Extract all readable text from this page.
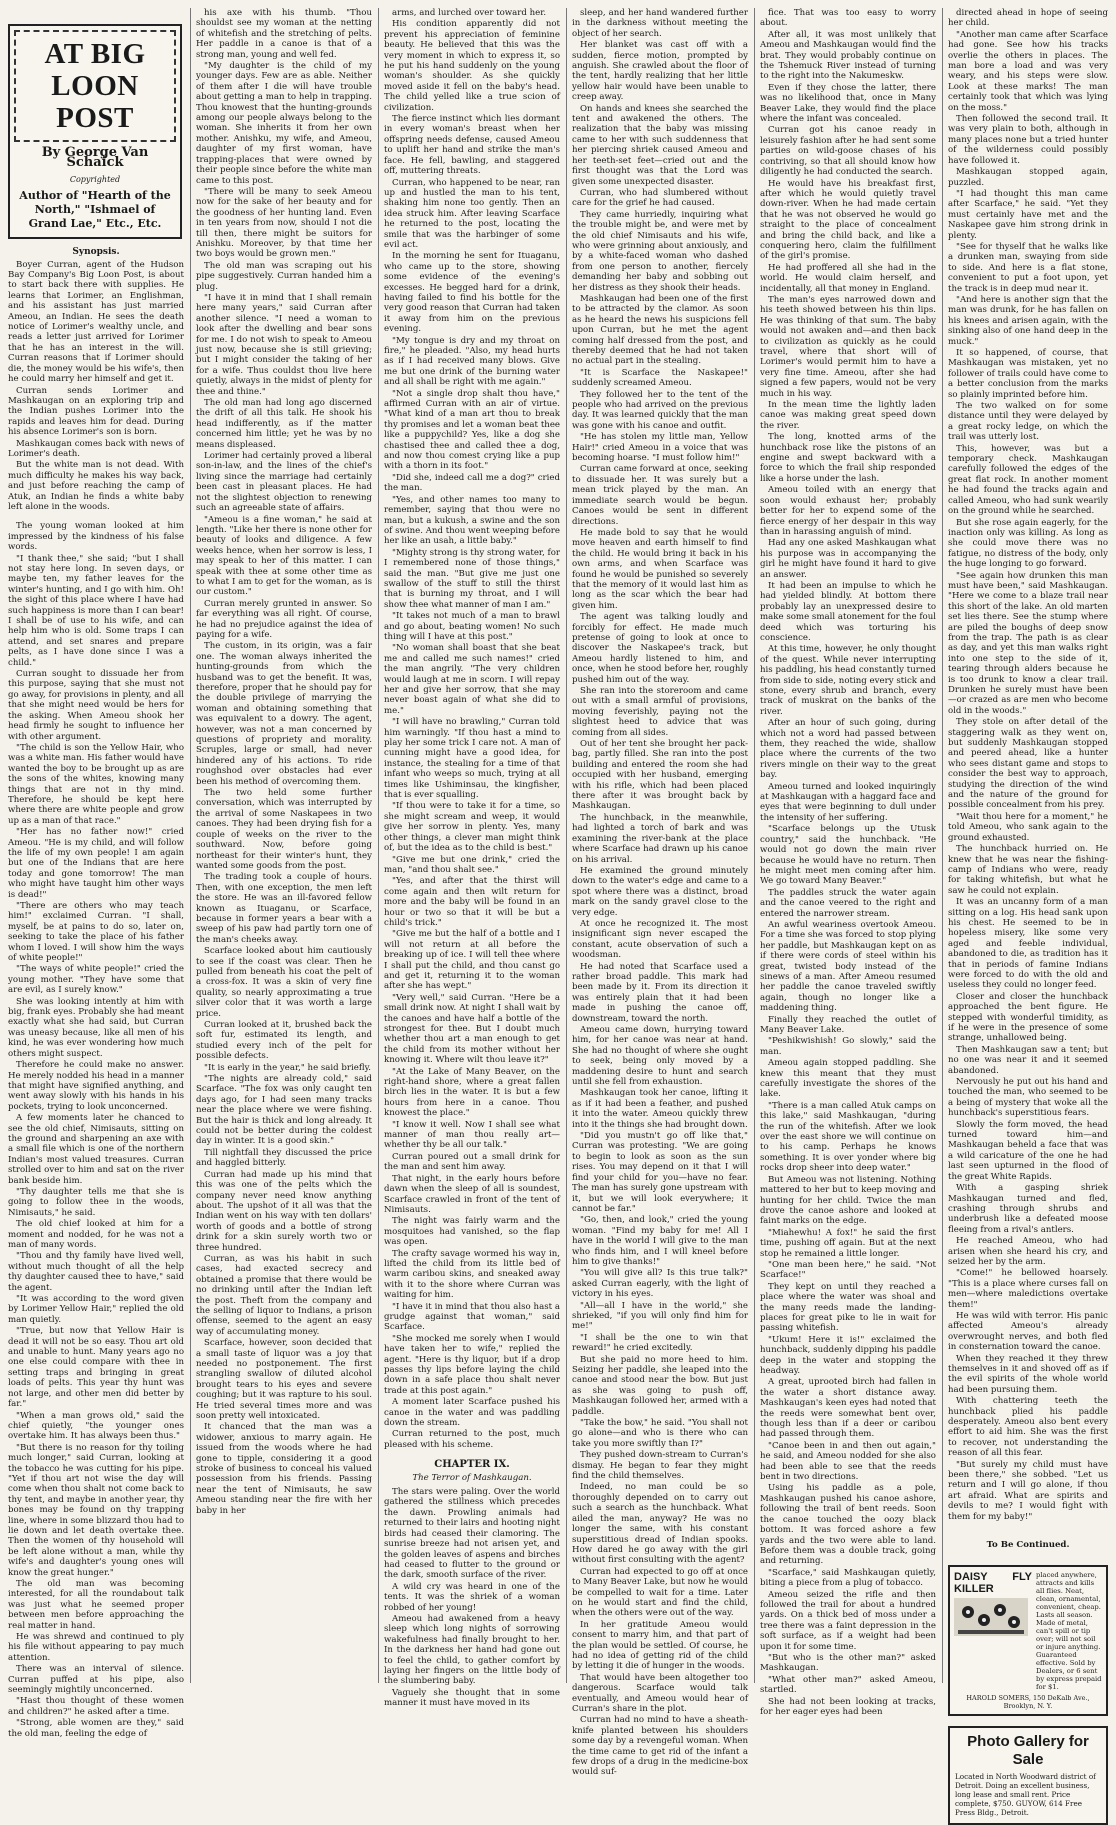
AT BIG LOON POST
By George Van Schaick
Copyrighted
Author of "Hearth of the North," "Ishmael of Grand Lae," Etc., Etc.
Synopsis.

Boyer Curran, agent of the Hudson Bay Company's Big Loon Post, is about to start back there with supplies. He learns that Lorimer, an Englishman, and his assistant has just married Ameou, an Indian. He sees the death notice of Lorimer's wealthy uncle, and reads a letter just arrived for Lorimer that he has an interest in the will. Curran reasons that if Lorimer should die, the money would be his wife's, then he could marry her himself and get it.

Curran sends Lorimer and Mashkaugan on an exploring trip and the Indian pushes Lorimer into the rapids and leaves him for dead. During his absence Lorimer's son is born.

Mashkaugan comes back with news of Lorimer's death.

But the white man is not dead. With much difficulty he makes his way back, and just before reaching the camp of Atuk, an Indian he finds a white baby left alone in the woods.

The young woman looked at him impressed by the kindness of his false words.

"I thank thee," she said; "but I shall not stay here long. In seven days, or maybe ten, my father leaves for the winter's hunting, and I go with him. Oh! the sight of this place where I have had such happiness is more than I can bear! I shall be of use to his wife, and can help him who is old. Some traps I can attend, and set snares and prepare pelts, as I have done since I was a child."

Curran sought to dissuade her from this purpose, saying that she must not go away, for provisions in plenty, and all that she might need would be hers for the asking. When Ameou shook her head firmly he sought to influence her with other argument.

"The child is son the Yellow Hair, who was a white man. His father would have wanted the boy to be brought up as are the sons of the whites, knowing many things that are not in thy mind. Therefore, he should be kept here where there are white people and grow up as a man of that race."

"Her has no father now!" cried Ameou. "He is my child, and will follow the life of my own people! I am again but one of the Indians that are here today and gone tomorrow! The man who might have taught him other ways is dead!"

"There are others who may teach him!" exclaimed Curran. "I shall, myself, be at pains to do so, later on, seeking to take the place of his father whom I loved. I will show him the ways of white people!"

"The ways of white people!" cried the young mother. "They have some that are evil, as I surely know."

She was looking intently at him with big, frank eyes. Probably she had meant exactly what she had said, but Curran was uneasy because, like all men of his kind, he was ever wondering how much others might suspect.

Therefore he could make no answer. He merely nodded his head in a manner that might have signified anything, and went away slowly with his hands in his pockets, trying to look unconcerned.

A few moments later he chanced to see the old chief, Nimisauts, sitting on the ground and sharpening an axe with a small file which is one of the northern Indian's most valued treasures. Curran strolled over to him and sat on the river bank beside him.

"Thy daughter tells me that she is going to follow thee in the woods, Nimisauts," he said.

The old chief looked at him for a moment and nodded, for he was not a man of many words.

"Thou and thy family have lived well, without much thought of all the help thy daughter caused thee to have," said the agent.

"It was according to the word given by Lorimer Yellow Hair," replied the old man quietly.

"True, but now that Yellow Hair is dead it will not be so easy. Thou art old and unable to hunt. Many years ago no one else could compare with thee in setting traps and bringing in great loads of pelts. This year thy hunt was not large, and other men did better by far."

"When a man grows old," said the chief quietly, "the younger ones overtake him. It has always been thus."

"But there is no reason for thy toiling much longer," said Curran, looking at the tobacco he was cutting for his pipe. "Yet if thou art not wise the day will come when thou shalt not come back to thy tent, and maybe in another year, thy bones may be found on thy trapping line, where in some blizzard thou had to lie down and let death overtake thee. Then the women of thy household will be left alone without a man, while thy wife's and daughter's young ones will know the great hunger."

The old man was becoming interested, for all the roundabout talk was just what he seemed proper between men before approaching the real matter in hand.

He was shrewd and continued to ply his file without appearing to pay much attention.

There was an interval of silence. Curran puffed at his pipe, also seemingly mightily unconcerned.

"Hast thou thought of these women and children?" he asked after a time.

"Strong, able women are they," said the old man, feeling the edge of

his axe with his thumb. "Thou shouldst see my woman at the netting of whitefish and the stretching of pelts. Her paddle in a canoe is that of a strong man, young and well fed.

"My daughter is the child of my younger days. Few are as able. Neither of them after I die will have trouble about getting a man to help in trapping. Thou knowest that the hunting-grounds among our people always belong to the woman. She inherits it from her own mother. Anishku, my wife, and Ameou, daughter of my first woman, have trapping-places that were owned by their people since before the white man came to this post.

"There will be many to seek Ameou now for the sake of her beauty and for the goodness of her hunting land. Even in ten years from now, should I not die till then, there might be suitors for Anishku. Moreover, by that time her two boys would be grown men."

The old man was scraping out his pipe suggestively. Curran handed him a plug.

"I have it in mind that I shall remain here many years," said Curran after another silence. "I need a woman to look after the dwelling and bear sons for me. I do not wish to speak to Ameou just now, because she is still grieving; but I might consider the taking of her for a wife. Thus couldst thou live here quietly, always in the midst of plenty for thee and thine."

The old man had long ago discerned the drift of all this talk. He shook his head indifferently, as if the matter concerned him little; yet he was by no means displeased.

Lorimer had certainly proved a liberal son-in-law, and the lines of the chief's living since the marriage had certainly been cast in pleasant places. He had not the slightest objection to renewing such an agreeable state of affairs.

"Ameou is a fine woman," he said at length. "Like her there is none other for beauty of looks and diligence. A few weeks hence, when her sorrow is less, I may speak to her of this matter. I can speak with thee at some other time as to what I am to get for the woman, as is our custom."

Curran merely grunted in answer. So far everything was all right. Of course, he had no prejudice against the idea of paying for a wife.

The custom, in its origin, was a fair one. The woman always inherited the hunting-grounds from which the husband was to get the benefit. It was, therefore, proper that he should pay for the double privilege of marrying the woman and obtaining something that was equivalent to a dowry. The agent, however, was not a man concerned by questions of propriety and morality. Scruples, large or small, had never hindered any of his actions. To ride roughshod over obstacles had ever been his method of overcoming them.

The two held some further conversation, which was interrupted by the arrival of some Naskapees in two canoes. They had been drying fish for a couple of weeks on the river to the southward. Now, before going northeast for their winter's hunt, they wanted some goods from the post.

The trading took a couple of hours. Then, with one exception, the men left the store. He was an ill-favored fellow known as Ituaganu, or Scarface, because in former years a bear with a sweep of his paw had partly torn one of the man's cheeks away.

Scarface looked about him cautiously to see if the coast was clear. Then he pulled from beneath his coat the pelt of a cross-fox. It was a skin of very fine quality, so nearly approximating a true silver color that it was worth a large price.

Curran looked at it, brushed back the soft fur, estimated its length, and studied every inch of the pelt for possible defects.

"It is early in the year," he said briefly.

"The nights are already cold," said Scarface. "The fox was only caught ten days ago, for I had seen many tracks near the place where we were fishing. But the hair is thick and long already. It could not be better during the coldest day in winter. It is a good skin."

Till nightfall they discussed the price and haggled bitterly.

Curran had made up his mind that this was one of the pelts which the company never need know anything about. The upshot of it all was that the Indian went on his way with ten dollars' worth of goods and a bottle of strong drink for a skin surely worth two or three hundred.

Curran, as was his habit in such cases, had exacted secrecy and obtained a promise that there would be no drinking until after the Indian left the post. Theft from the company and the selling of liquor to Indians, a prison offense, seemed to the agent an easy way of accumulating money.

Scarface, however, soon decided that a small taste of liquor was a joy that needed no postponement. The first strangling swallow of diluted alcohol brought tears to his eyes and severe coughing; but it was rapture to his soul. He tried several times more and was soon pretty well intoxicated.

It chanced that the man was a widower, anxious to marry again. He issued from the woods where he had gone to tipple, considering it a good stroke of business to conceal his valued possession from his friends. Passing near the tent of Nimisauts, he saw Ameou standing near the fire with her baby in her

arms, and lurched over toward her.

His condition apparently did not prevent his appreciation of feminine beauty. He believed that this was the very moment in which to express it, so he put his hand suddenly on the young woman's shoulder. As she quickly moved aside it fell on the baby's head. The child yelled like a true scion of civilization.

The fierce instinct which lies dormant in every woman's breast when her offspring needs defense, caused Ameou to uplift her hand and strike the man's face. He fell, bawling, and staggered off, muttering threats.

Curran, who happened to be near, ran up and hustled the man to his tent, shaking him none too gently. Then an idea struck him. After leaving Scarface he returned to the post, locating the smile that was the harbinger of some evil act.

In the morning he sent for Ituaganu, who came up to the store, showing some evidence of the evening's excesses. He begged hard for a drink, having failed to find his bottle for the very good reason that Curran had taken it away from him on the previous evening.

"My tongue is dry and my throat on fire," he pleaded. "Also, my head hurts as if I had received many blows. Give me but one drink of the burning water and all shall be right with me again."

"Not a single drop shalt thou have," affirmed Curran with an air of virtue. "What kind of a man art thou to break thy promises and let a woman beat thee like a puppychild? Yes, like a dog she chastised thee and called thee a dog, and now thou comest crying like a pup with a thorn in its foot."

"Did she, indeed call me a dog?" cried the man.

"Yes, and other names too many to remember, saying that thou were no man, but a kukush, a swine and the son of swine. And thou went weeping before her like an usah, a little baby."

"Mighty strong is thy strong water, for I remembered none of those things," said the man. "But give me just one swallow of the stuff to still the thirst that is burning my throat, and I will show thee what manner of man I am."

"It takes not much of a man to brawl and go about, beating women! No such thing will I have at this post."

"No woman shall boast that she beat me and called me such names!" cried the man angrily. "The very children would laugh at me in scorn. I will repay her and give her sorrow, that she may never boast again of what she did to me."

"I will have no brawling," Curran told him warningly. "If thou hast a mind to play her some trick I care not. A man of cunning might have a good idea, for instance, the stealing for a time of that infant who weeps so much, trying at all times like Ushiminsau, the kingfisher, that is ever squalling.

"If thou were to take it for a time, so she might scream and weep, it would give her sorrow in plenty. Yes, many other things, a clever man might think of, but the idea as to the child is best."

"Give me but one drink," cried the man, "and thou shalt see."

"Yes, and after that the thirst will come again and then wilt return for more and the baby will be found in an hour or two so that it will be but a child's trick."

"Give me but the half of a bottle and I will not return at all before the breaking up of ice. I will tell thee where I shall put the child, and thou canst go and get it, returning it to the woman after she has wept."

"Very well," said Curran. "Here be a small drink now. At night I shall wait by the canoes and have half a bottle of the strongest for thee. But I doubt much whether thou art a man enough to get the child from its mother without her knowing it. Where wilt thou leave it?"

"At the Lake of Many Beaver, on the right-hand shore, where a great fallen birch lies in the water. It is but a few hours from here in a canoe. Thou knowest the place."

"I know it well. Now I shall see what manner of man thou really art—whether thy be all our talk."

Curran poured out a small drink for the man and sent him away.

That night, in the early hours before dawn when the sleep of all is soundest, Scarface crawled in front of the tent of Nimisauts.

The night was fairly warm and the mosquitoes had vanished, so the flap was open.

The crafty savage wormed his way in, lifted the child from its little bed of warm caribou skins, and sneaked away with it to the shore where Curran was waiting for him.

"I have it in mind that thou also hast a grudge against that woman," said Scarface.

"She mocked me sorely when I would have taken her to wife," replied the agent. "Here is thy liquor, but if a drop passes thy lips before laying the child down in a safe place thou shalt never trade at this post again."

A moment later Scarface pushed his canoe in the water and was paddling down the stream.

Curran returned to the post, much pleased with his scheme.

CHAPTER IX.

The Terror of Mashkaugan.

The stars were paling. Over the world gathered the stillness which precedes the dawn. Prowling animals had returned to their lairs and hooting night birds had ceased their clamoring. The sunrise breeze had not arisen yet, and the golden leaves of aspens and birches had ceased to flutter to the ground or the dark, smooth surface of the river.

A wild cry was heard in one of the tents. It was the shriek of a woman robbed of her young!

Ameou had awakened from a heavy sleep which long nights of sorrowing wakefulness had finally brought to her. In the darkness her hand had gone out to feel the child, to gather comfort by laying her fingers on the little body of the slumbering baby.

Vaguely she thought that in some manner it must have moved in its

sleep, and her hand wandered further in the darkness without meeting the object of her search.

Her blanket was cast off with a sudden, fierce motion, prompted by anguish. She crawled about the floor of the tent, hardly realizing that her little yellow hair would have been unable to creep away.

On hands and knees she searched the tent and awakened the others. The realization that the baby was missing came to her with such suddenness that her piercing shriek caused Ameou and her teeth-set feet—cried out and the first thought was that the Lord was given some unexpected disaster.

Curran, who had slumbered without care for the grief he had caused.

They came hurriedly, inquiring what the trouble might be, and were met by the old chief Nimisauts and his wife, who were grinning about anxiously, and by a white-faced woman who dashed from one person to another, fiercely demanding her baby and sobbing out her distress as they shook their heads.

Mashkaugan had been one of the first to be attracted by the clamor. As soon as he heard the news his suspicions fell upon Curran, but he met the agent coming half dressed from the post, and thereby deemed that he had not taken no actual part in the stealing.

"It is Scarface the Naskapee!" suddenly screamed Ameou.

They followed her to the tent of the people who had arrived on the previous day. It was learned quickly that the man was gone with his canoe and outfit.

"He has stolen my little man, Yellow Hair!" cried Ameou in a voice that was becoming hoarse. "I must follow him!"

Curran came forward at once, seeking to dissuade her. It was surely but a mean trick played by the man. An immediate search would be begun. Canoes would be sent in different directions.

He made bold to say that he would move heaven and earth himself to find the child. He would bring it back in his own arms, and when Scarface was found he would be punished so severely that the memory of it would last him as long as the scar which the bear had given him.

The agent was talking loudly and forcibly for effect. He made much pretense of going to look at once to discover the Naskapee's track, but Ameou hardly listened to him, and once, when he stood before her, roughly pushed him out of the way.

She ran into the storeroom and came out with a small armful of provisions, moving feverishly, paying not the slightest heed to advice that was coming from all sides.

Out of her tent she brought her pack-bag, partly filled. She ran into the post building and entered the room she had occupied with her husband, emerging with his rifle, which had been placed there after it was brought back by Mashkaugan.

The hunchback, in the meanwhile, had lighted a torch of bark and was examining the river-bank at the place where Scarface had drawn up his canoe on his arrival.

He examined the ground minutely down to the water's edge and came to a spot where there was a distinct, broad mark on the sandy gravel close to the very edge.

At once he recognized it. The most insignificant sign never escaped the constant, acute observation of such a woodsman.

He had noted that Scarface used a rather broad paddle. This mark had been made by it. From its direction it was entirely plain that it had been made in pushing the canoe off, downstream, toward the north.

Ameou came down, hurrying toward him, for her canoe was near at hand. She had no thought of where she ought to seek, being only moved by a maddening desire to hunt and search until she fell from exhaustion.

Mashkaugan took her canoe, lifting it as if it had been a feather, and pushed it into the water. Ameou quickly threw into it the things she had brought down.

"Did you mustn't go off like that," Curran was protesting. "We are going to begin to look as soon as the sun rises. You may depend on it that I will find your child for you—have no fear. The man has surely gone upstream with it, but we will look everywhere; it cannot be far."

"Go, then, and look," cried the young woman. "Find my baby for me! All I have in the world I will give to the man who finds him, and I will kneel before him to give thanks!"

"You will give all? Is this true talk?" asked Curran eagerly, with the light of victory in his eyes.

"All—all I have in the world," she shrieked, "if you will only find him for me!"

"I shall be the one to win that reward!" he cried excitedly.

But she paid no more heed to him. Seizing her paddle, she leaped into the canoe and stood near the bow. But just as she was going to push off, Mashkaugan followed her, armed with a paddle.

"Take the bow," he said. "You shall not go alone—and who is there who can take you more swiftly than I?"

They pushed down-stream to Curran's dismay. He began to fear they might find the child themselves.

Indeed, no man could be so thoroughly depended on to carry out such a search as the hunchback. What ailed the man, anyway? He was no longer the same, with his constant superstitious dread of Indian spooks. How dared he go away with the girl without first consulting with the agent?

Curran had expected to go off at once to Many Beaver Lake, but now he would be compelled to wait for a time. Later on he would start and find the child, when the others were out of the way.

In her gratitude Ameou would consent to marry him, and that part of the plan would be settled. Of course, he had no idea of getting rid of the child by letting it die of hunger in the woods.

That would have been altogether too dangerous. Scarface would talk eventually, and Ameou would hear of Curran's share in the plot.

Curran had no mind to have a sheath-knife planted between his shoulders some day by a revengeful woman. When the time came to get rid of the infant a few drops of a drug in the medicine-box would suf-

fice. That was too easy to worry about.

After all, it was most unlikely that Ameou and Mashkaugan would find the brat. They would probably continue on the Tshemuck River instead of turning to the right into the Nakumeskw.

Even if they chose the latter, there was no likelihood that, once in Many Beaver Lake, they would find the place where the infant was concealed.

Curran got his canoe ready in leisurely fashion after he had sent some parties on wild-goose chases of his contriving, so that all should know how diligently he had conducted the search.

He would have his breakfast first, after which he would quietly travel down-river. When he had made certain that he was not observed he would go straight to the place of concealment and bring the child back, and like a conquering hero, claim the fulfillment of the girl's promise.

He had proffered all she had in the world. He would claim herself, and incidentally, all that money in England.

The man's eyes narrowed down and his teeth showed between his thin lips. He was thinking of that sum. The baby would not awaken and—and then back to civilization as quickly as he could travel, where that short will of Lorimer's would permit him to have a very fine time. Ameou, after she had signed a few papers, would not be very much in his way.

In the mean time the lightly laden canoe was making great speed down the river.

The long, knotted arms of the hunchback rose like the pistons of an engine and swept backward with a force to which the frail ship responded like a horse under the lash.

Ameou toiled with an energy that soon would exhaust her; probably better for her to expend some of the fierce energy of her despair in this way than in harassing anguish of mind.

Had any one asked Mashkaugan what his purpose was in accompanying the girl he might have found it hard to give an answer.

It had been an impulse to which he had yielded blindly. At bottom there probably lay an unexpressed desire to make some small atonement for the foul deed which was torturing his conscience.

At this time, however, he only thought of the quest. While never interrupting his paddling, his head constantly turned from side to side, noting every stick and stone, every shrub and branch, every track of muskrat on the banks of the river.

After an hour of such going, during which not a word had passed between them, they reached the wide, shallow place where the currents of the two rivers mingle on their way to the great bay.

Ameou turned and looked inquiringly at Mashkaugan with a haggard face and eyes that were beginning to dull under the intensity of her suffering.

"Scarface belongs up the Utusk country," said the hunchback. "He would not go down the main river because he would have no return. Then he might meet men coming after him. We go toward Many Beaver."

The paddles struck the water again and the canoe veered to the right and entered the narrower stream.

An awful weariness overtook Ameou. For a time she was forced to stop plying her paddle, but Mashkaugan kept on as if there were cords of steel within his great, twisted body instead of the sinews of a man. After Ameou resumed her paddle the canoe traveled swiftly again, though no longer like a maddening thing.

Finally they reached the outlet of Many Beaver Lake.

"Peshikwishish! Go slowly," said the man.

Ameou again stopped paddling. She knew this meant that they must carefully investigate the shores of the lake.

"There is a man called Atuk camps on this lake," said Mashkaugan, "during the run of the whitefish. After we look over the east shore we will continue on to his camp. Perhaps he knows something. It is over yonder where big rocks drop sheer into deep water."

But Ameou was not listening. Nothing mattered to her but to keep moving and hunting for her child. Twice the man drove the canoe ashore and looked at faint marks on the edge.

"Miahewhu! A fox!" he said the first time, pushing off again. But at the next stop he remained a little longer.

"One man been here," he said. "Not Scarface!"

They kept on until they reached a place where the water was shoal and the many reeds made the landing-places for great pike to lie in wait for passing whitefish.

"Ukum! Here it is!" exclaimed the hunchback, suddenly dipping his paddle deep in the water and stopping the headway.

A great, uprooted birch had fallen in the water a short distance away. Mashkaugan's keen eyes had noted that the reeds were somewhat bent over, though less than if a deer or caribou had passed through them.

"Canoe been in and then out again," he said, and Ameou nodded for she also had been able to see that the reeds bent in two directions.

Using his paddle as a pole, Mashkaugan pushed his canoe ashore, following the trail of bent reeds. Soon the canoe touched the oozy black bottom. It was forced ashore a few yards and the two were able to land. Before them was a double track, going and returning.

"Scarface," said Mashkaugan quietly, biting a piece from a plug of tobacco.

Ameou seized the rifle and then followed the trail for about a hundred yards. On a thick bed of moss under a tree there was a faint depression in the soft surface, as if a weight had been upon it for some time.

"But who is the other man?" asked Mashkaugan.

"What other man?" asked Ameou, startled.

She had not been looking at tracks, for her eager eyes had been

directed ahead in hope of seeing her child.

"Another man came after Scarface had gone. See how his tracks overlie the others in places. The man bore a load and was very weary, and his steps were slow. Look at these marks! The man certainly took that which was lying on the moss."

Then followed the second trail. It was very plain to both, although in many places none but a tried hunter of the wilderness could possibly have followed it.

Mashkaugan stopped again, puzzled.

"I had thought this man came after Scarface," he said. "Yet they must certainly have met and the Naskapee gave him strong drink in plenty.

"See for thyself that he walks like a drunken man, swaying from side to side. And here is a flat stone, convenient to put a foot upon, yet the track is in deep mud near it.

"And here is another sign that the man was drunk, for he has fallen on his knees and arisen again, with the sinking also of one hand deep in the muck."

It so happened, of course, that Mashkaugan was mistaken, yet no follower of trails could have come to a better conclusion from the marks so plainly imprinted before him.

The two walked on for some distance until they were delayed by a great rocky ledge, on which the trail was utterly lost.

This, however, was but a temporary check. Mashkaugan carefully followed the edges of the great flat rock. In another moment he had found the tracks again and called Ameou, who had sunk wearily on the ground while he searched.

But she rose again eagerly, for the inaction only was killing. As long as she could move there was no fatigue, no distress of the body, only the huge longing to go forward.

"See again how drunken this man must have been," said Mashkaugan. "Here we come to a blaze trail near this short of the lake. An old marten set lies there. See the stump where are piled the boughs of deep snow from the trap. The path is as clear as day, and yet this man walks right into one step to the side of it, tearing through alders because he is too drunk to know a clear trail. Drunken he surely must have been—or crazed as are men who become old in the woods."

They stole on after detail of the staggering walk as they went on, but suddenly Mashkaugan stopped and peered ahead, like a hunter who sees distant game and stops to consider the best way to approach, studying the direction of the wind and the nature of the ground for possible concealment from his prey.

"Wait thou here for a moment," he told Ameou, who sank again to the ground exhausted.

The hunchback hurried on. He knew that he was near the fishing-camp of Indians who were, ready for taking whitefish, but what he saw he could not explain.

It was an uncanny form of a man sitting on a log. His head sank upon his chest. He seemed to be in hopeless misery, like some very aged and feeble individual, abandoned to die, as tradition has it that in periods of famine Indians were forced to do with the old and useless they could no longer feed.

Closer and closer the hunchback approached the bent figure. He stepped with wonderful timidity, as if he were in the presence of some strange, unhallowed being.

Then Mashkaugan saw a tent; but no one was near it and it seemed abandoned.

Nervously he put out his hand and touched the man, who seemed to be a being of mystery that woke all the hunchback's superstitious fears.

Slowly the form moved, the head turned toward him—and Mashkaugan beheld a face that was a wild caricature of the one he had last seen upturned in the flood of the great White Rapids.

With a gasping shriek Mashkaugan turned and fled, crashing through shrubs and underbrush like a defeated moose fleeing from a rival's antlers.

He reached Ameou, who had arisen when she heard his cry, and seized her by the arm.

"Come!" he bellowed hoarsely. "This is a place where curses fall on men—where maledictions overtake them!"

He was wild with terror. His panic affected Ameou's already overwrought nerves, and both fled in consternation toward the canoe.

When they reached it they threw themselves in it and shoved off as if the evil spirits of the whole world had been pursuing them.

With chattering teeth the hunchback plied his paddle desperately. Ameou also bent every effort to aid him. She was the first to recover, not understanding the reason of all this fear.

"But surely my child must have been there," she sobbed. "Let us return and I will go alone, if thou art afraid. What are spirits and devils to me? I would fight with them for my baby!"

To Be Continued.

DAISY FLY KILLER
placed anywhere, attracts and kills all flies. Neat, clean, ornamental, convenient, cheap. Lasts all season. Made of metal, can't spill or tip over; will not soil or injure anything. Guaranteed effective. Sold by Dealers, or 6 sent by express prepaid for $1.
HAROLD SOMERS, 150 DeKalb Ave., Brooklyn, N. Y.
Photo Gallery for Sale
Located in North Woodward district of Detroit. Doing an excellent business, long lease and small rent. Price complete, $750. GUYOW, 614 Free Press Bldg., Detroit.
